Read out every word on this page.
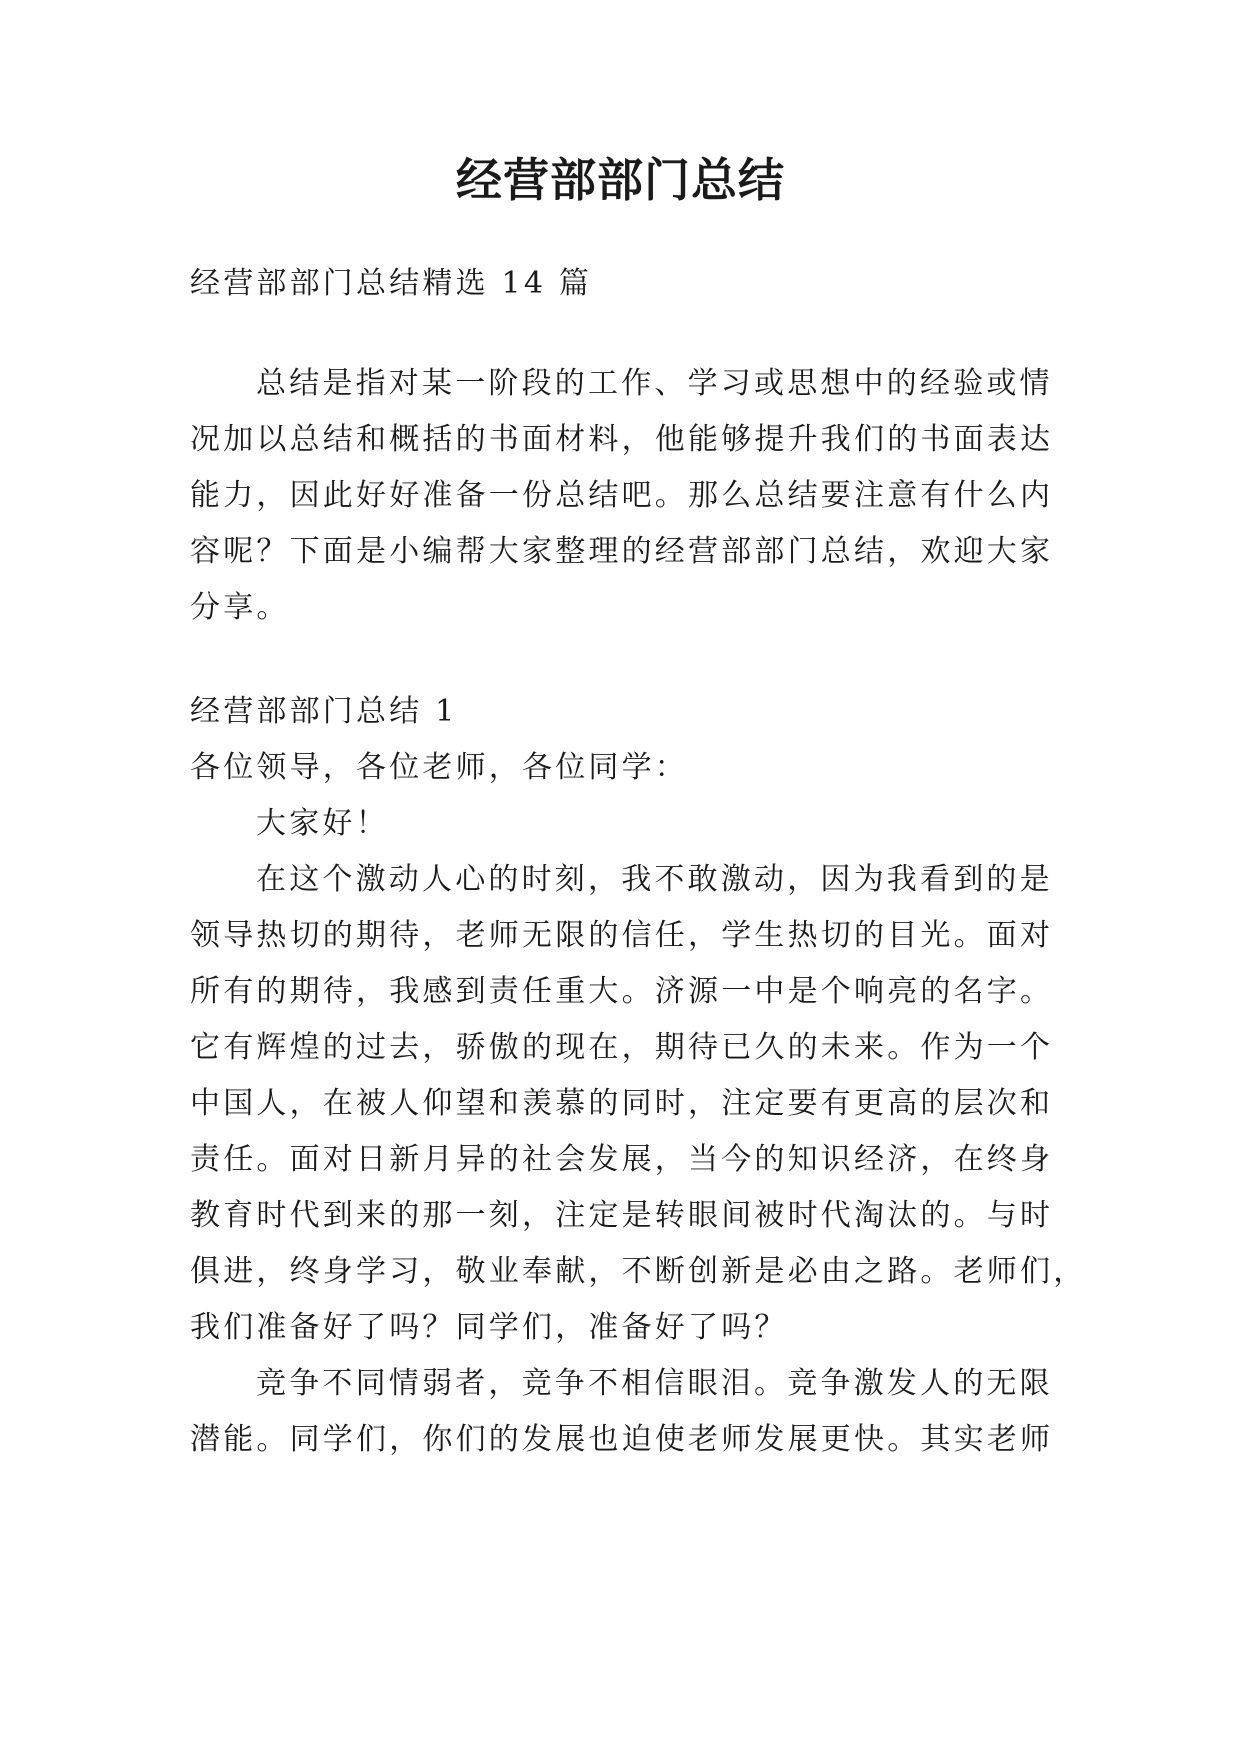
经营部部门总结
经营部部门总结精选 14 篇
总结是指对某一阶段的工作、学习或思想中的经验或情
况加以总结和概括的书面材料，他能够提升我们的书面表达
能力，因此好好准备一份总结吧。那么总结要注意有什么内
容呢？下面是小编帮大家整理的经营部部门总结，欢迎大家
分享。
经营部部门总结 1
各位领导，各位老师，各位同学：
大家好！
在这个激动人心的时刻，我不敢激动，因为我看到的是
领导热切的期待，老师无限的信任，学生热切的目光。面对
所有的期待，我感到责任重大。济源一中是个响亮的名字。
它有辉煌的过去，骄傲的现在，期待已久的未来。作为一个
中国人，在被人仰望和羡慕的同时，注定要有更高的层次和
责任。面对日新月异的社会发展，当今的知识经济，在终身
教育时代到来的那一刻，注定是转眼间被时代淘汰的。与时
俱进，终身学习，敬业奉献，不断创新是必由之路。老师们，
我们准备好了吗？同学们，准备好了吗？
竞争不同情弱者，竞争不相信眼泪。竞争激发人的无限
潜能。同学们，你们的发展也迫使老师发展更快。其实老师
